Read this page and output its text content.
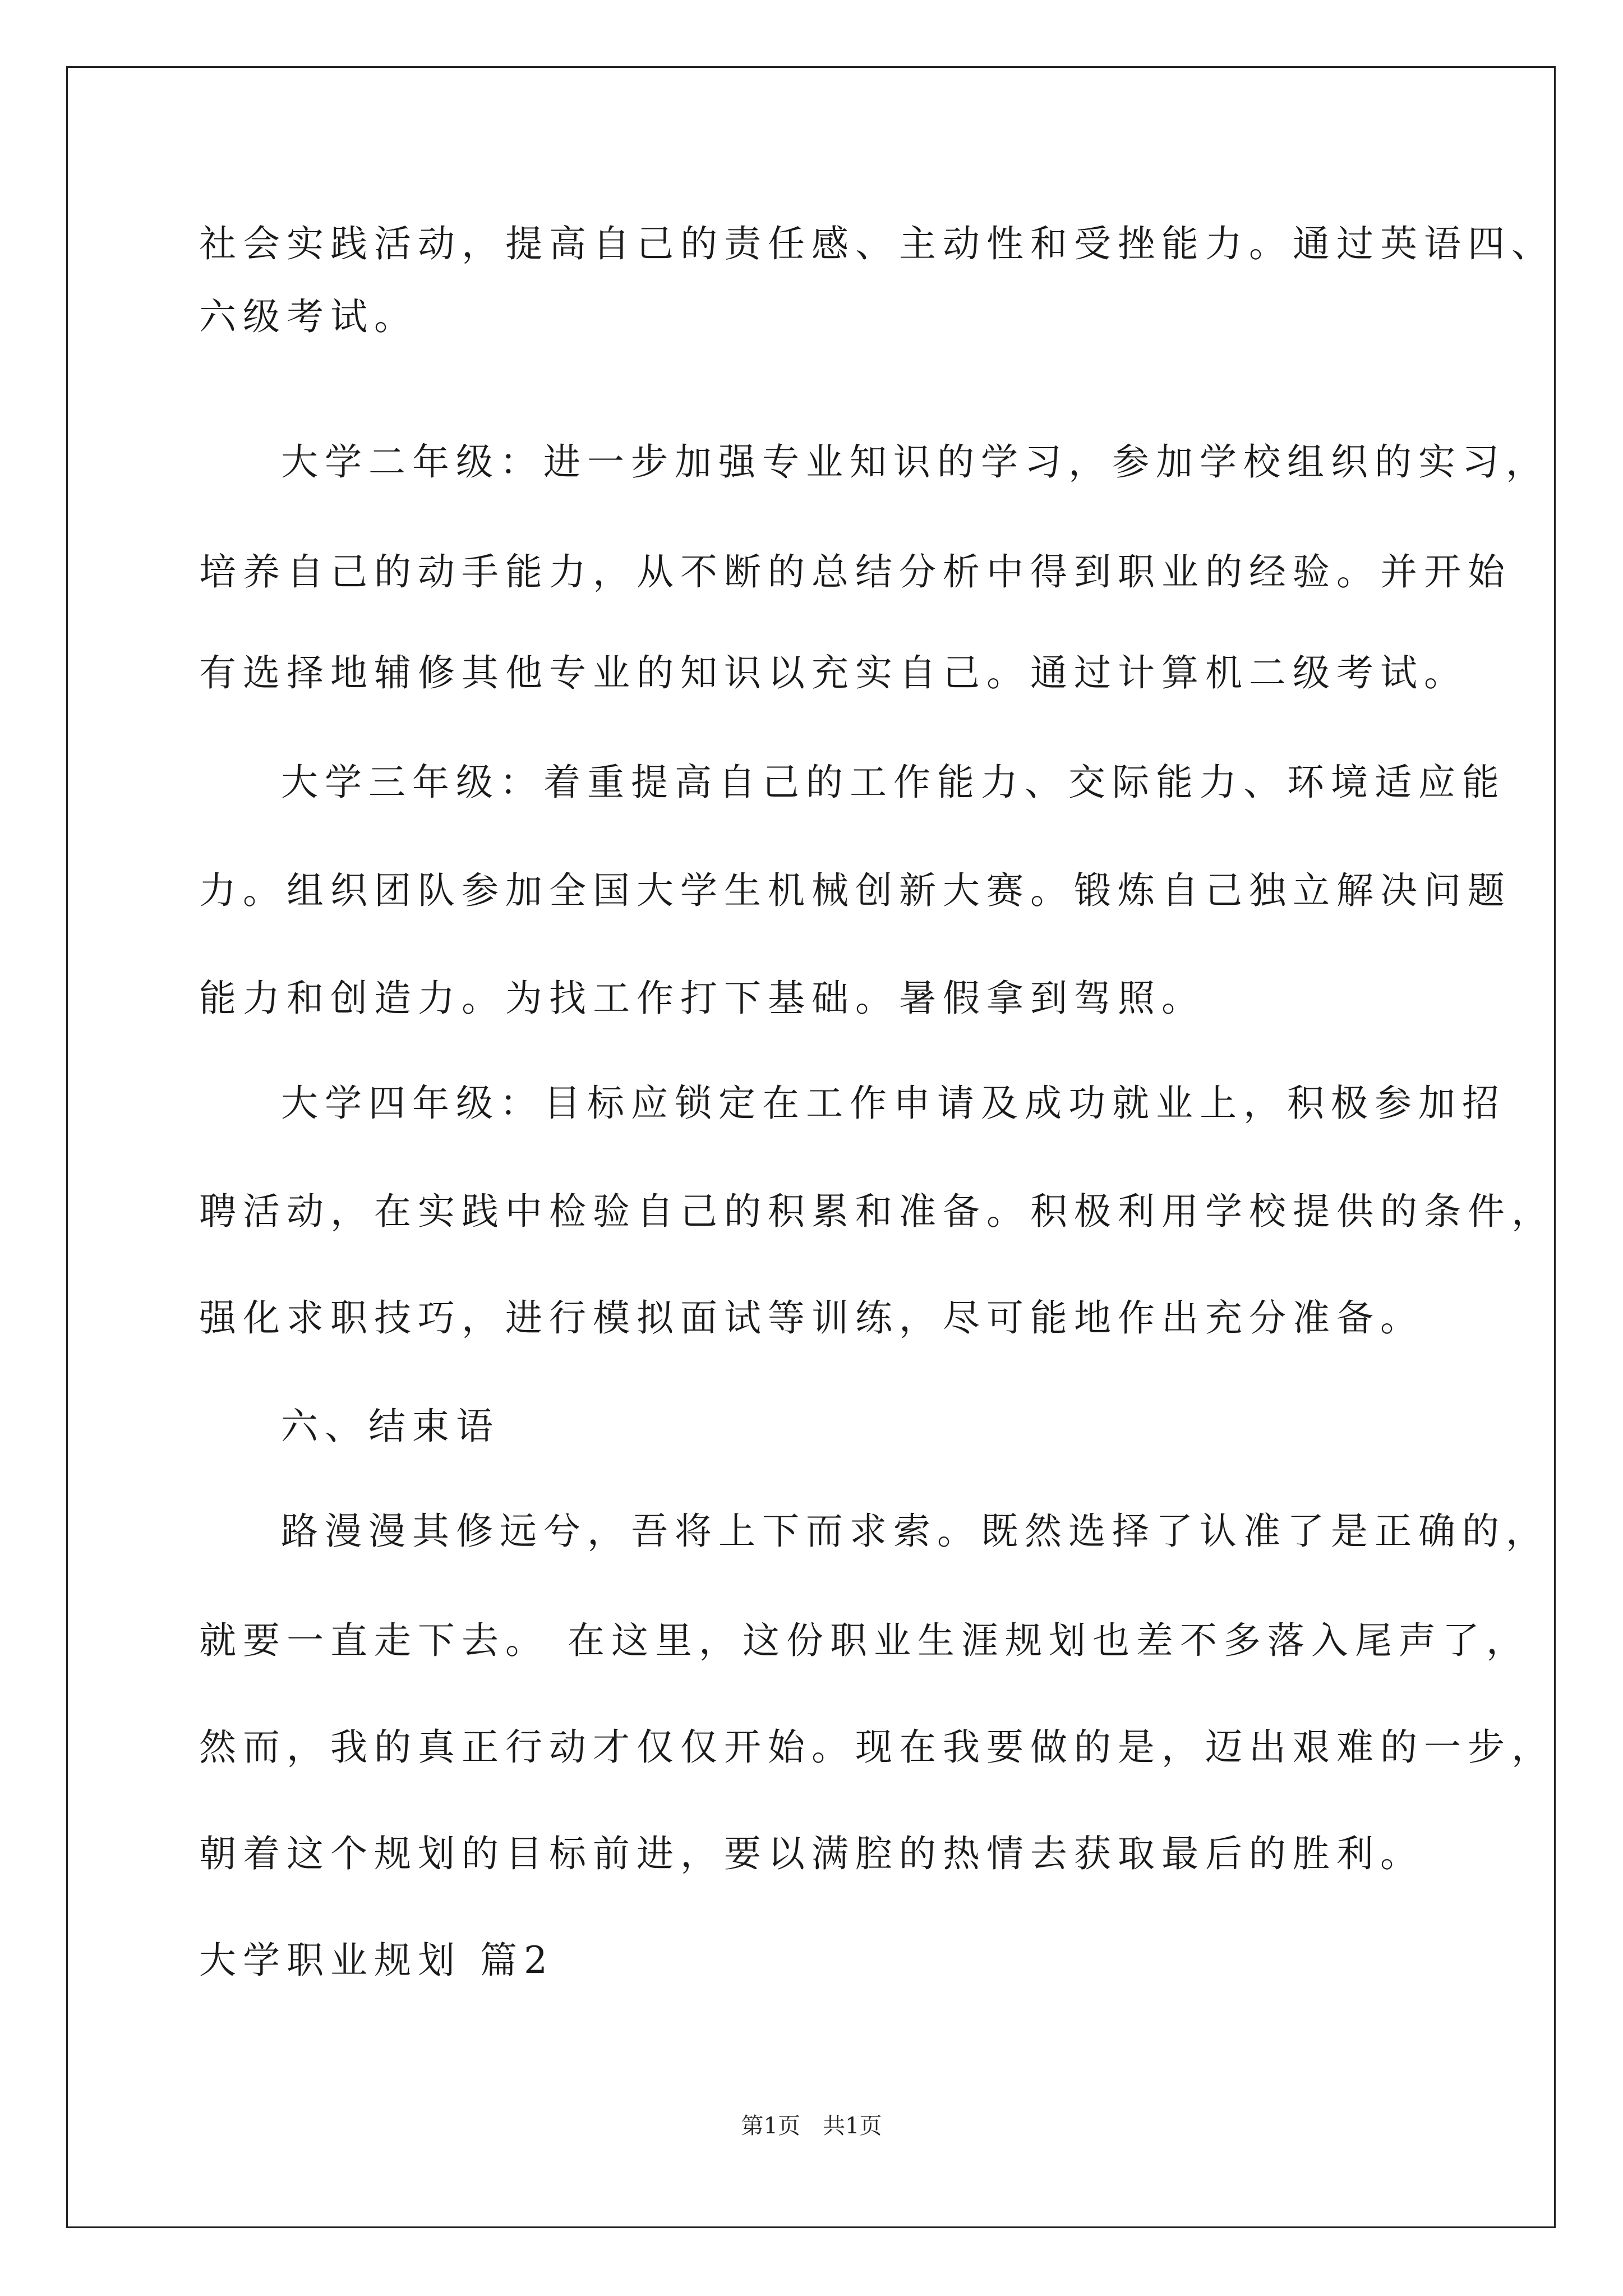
社会实践活动，提高自己的责任感、主动性和受挫能力。通过英语四、
六级考试。
大学二年级：进一步加强专业知识的学习，参加学校组织的实习，
培养自己的动手能力，从不断的总结分析中得到职业的经验。并开始
有选择地辅修其他专业的知识以充实自己。通过计算机二级考试。
大学三年级：着重提高自己的工作能力、交际能力、环境适应能
力。组织团队参加全国大学生机械创新大赛。锻炼自己独立解决问题
能力和创造力。为找工作打下基础。暑假拿到驾照。
大学四年级：目标应锁定在工作申请及成功就业上，积极参加招
聘活动，在实践中检验自己的积累和准备。积极利用学校提供的条件，
强化求职技巧，进行模拟面试等训练，尽可能地作出充分准备。
六、结束语
路漫漫其修远兮，吾将上下而求索。既然选择了认准了是正确的，
就要一直走下去。 在这里，这份职业生涯规划也差不多落入尾声了，
然而，我的真正行动才仅仅开始。现在我要做的是，迈出艰难的一步，
朝着这个规划的目标前进，要以满腔的热情去获取最后的胜利。
大学职业规划 篇2
第1页　共1页
